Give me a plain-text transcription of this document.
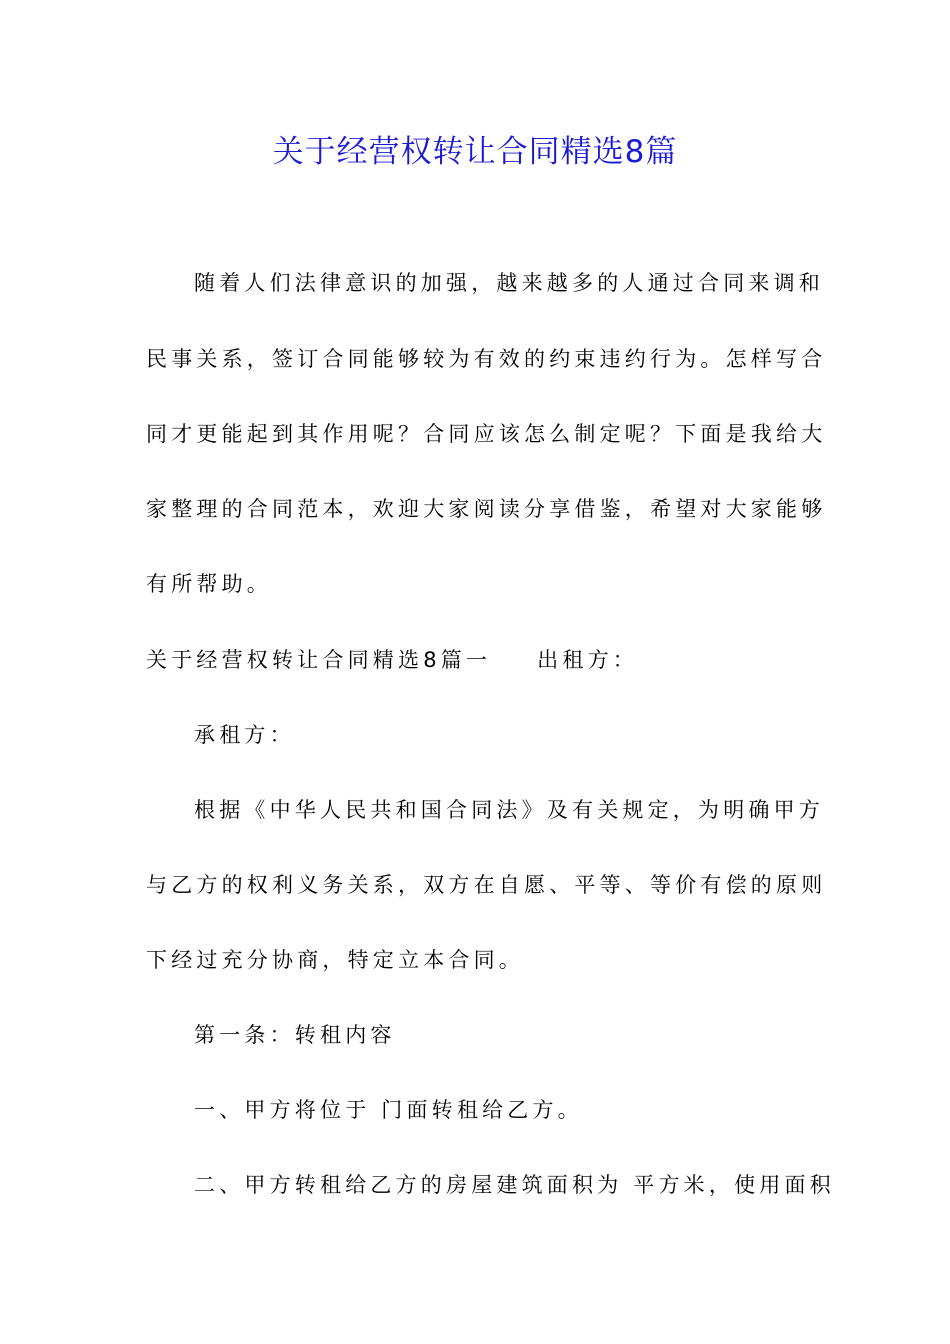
关于经营权转让合同精选8篇
随着人们法律意识的加强，越来越多的人通过合同来调和
民事关系，签订合同能够较为有效的约束违约行为。怎样写合
同才更能起到其作用呢？合同应该怎么制定呢？下面是我给大
家整理的合同范本，欢迎大家阅读分享借鉴，希望对大家能够
有所帮助。
关于经营权转让合同精选8篇一 出租方：
承租方：
根据《中华人民共和国合同法》及有关规定，为明确甲方
与乙方的权利义务关系，双方在自愿、平等、等价有偿的原则
下经过充分协商，特定立本合同。
第一条：转租内容
一、甲方将位于 门面转租给乙方。
二、甲方转租给乙方的房屋建筑面积为 平方米，使用面积
